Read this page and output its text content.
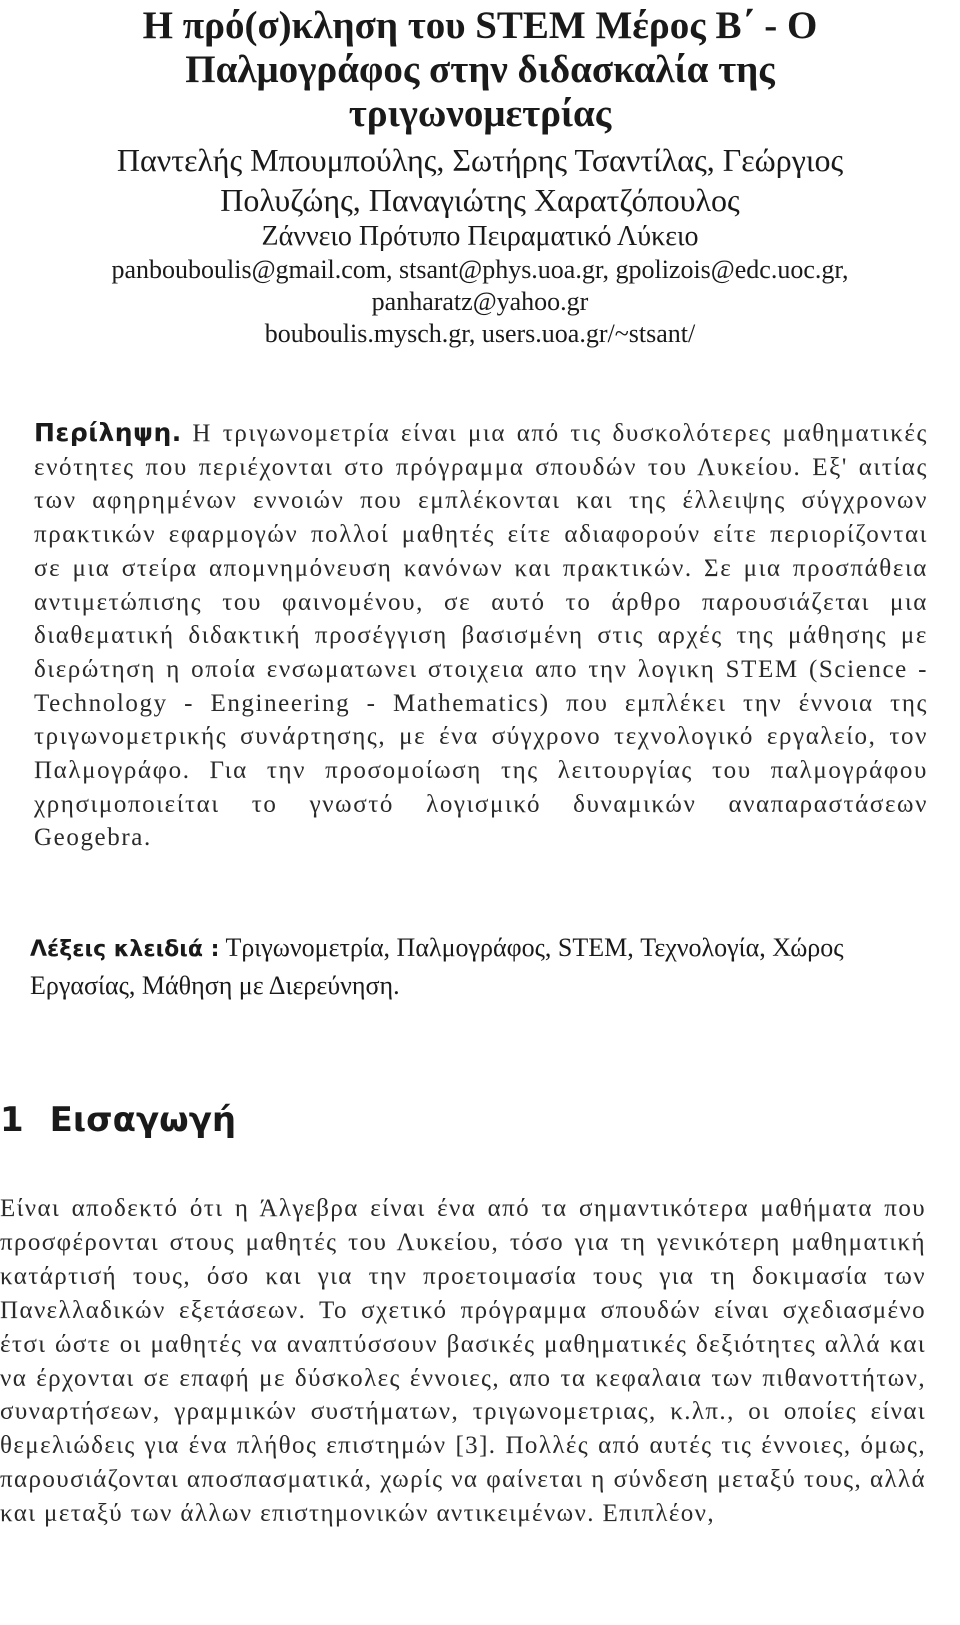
Η πρό(σ)κληση του STEM Μέρος Β΄ - Ο
Παλμογράφος στην διδασκαλία της
τριγωνομετρίας
Παντελής Μπουμπούλης, Σωτήρης Τσαντίλας, Γεώργιος
Πολυζώης, Παναγιώτης Χαρατζόπουλος
Ζάννειο Πρότυπο Πειραματικό Λύκειο
panbouboulis@gmail.com, stsant@phys.uoa.gr, gpolizois@edc.uoc.gr,
panharatz@yahoo.gr
bouboulis.mysch.gr, users.uoa.gr/~stsant/
Περίληψη. Η τριγωνομετρία είναι μια από τις δυσκολότερες μαθηματικές ενότητες που περιέχονται στο πρόγραμμα σπουδών του Λυκείου. Εξ' αιτίας των αφηρημένων εννοιών που εμπλέκονται και της έλλειψης σύγχρονων πρακτικών εφαρμογών πολλοί μαθητές είτε αδιαφορούν είτε περιορίζονται σε μια στείρα απομνημόνευση κανόνων και πρακτικών. Σε μια προσπάθεια αντιμετώπισης του φαινομένου, σε αυτό το άρθρο παρουσιάζεται μια διαθεματική διδακτική προσέγγιση βασισμένη στις αρχές της μάθησης με διερώτηση η οποία ενσωματωνει στοιχεια απο την λογικη STEM (Science - Technology - Engineering - Mathematics) που εμπλέκει την έννοια της τριγωνομετρικής συνάρτησης, με ένα σύγχρονο τεχνολογικό εργαλείο, τον Παλμογράφο. Για την προσομοίωση της λειτουργίας του παλμογράφου χρησιμοποιείται το γνωστό λογισμικό δυναμικών αναπαραστάσεων Geogebra.
Λέξεις κλειδιά : Τριγωνομετρία, Παλμογράφος, STEM, Τεχνολογία, Χώρος Εργασίας, Μάθηση με Διερεύνηση.
1 Εισαγωγή
Είναι αποδεκτό ότι η Άλγεβρα είναι ένα από τα σημαντικότερα μαθήματα που προσφέρονται στους μαθητές του Λυκείου, τόσο για τη γενικότερη μαθηματική κατάρτισή τους, όσο και για την προετοιμασία τους για τη δοκιμασία των Πανελλαδικών εξετάσεων. Το σχετικό πρόγραμμα σπουδών είναι σχεδιασμένο έτσι ώστε οι μαθητές να αναπτύσσουν βασικές μαθηματικές δεξιότητες αλλά και να έρχονται σε επαφή με δύσκολες έννοιες, απο τα κεφαλαια των πιθανοττήτων, συναρτήσεων, γραμμικών συστήματων, τριγωνομετριας, κ.λπ., οι οποίες είναι θεμελιώδεις για ένα πλήθος επιστημών [3]. Πολλές από αυτές τις έννοιες, όμως, παρουσιάζονται αποσπασματικά, χωρίς να φαίνεται η σύνδεση μεταξύ τους, αλλά και μεταξύ των άλλων επιστημονικών αντικειμένων. Επιπλέον,
